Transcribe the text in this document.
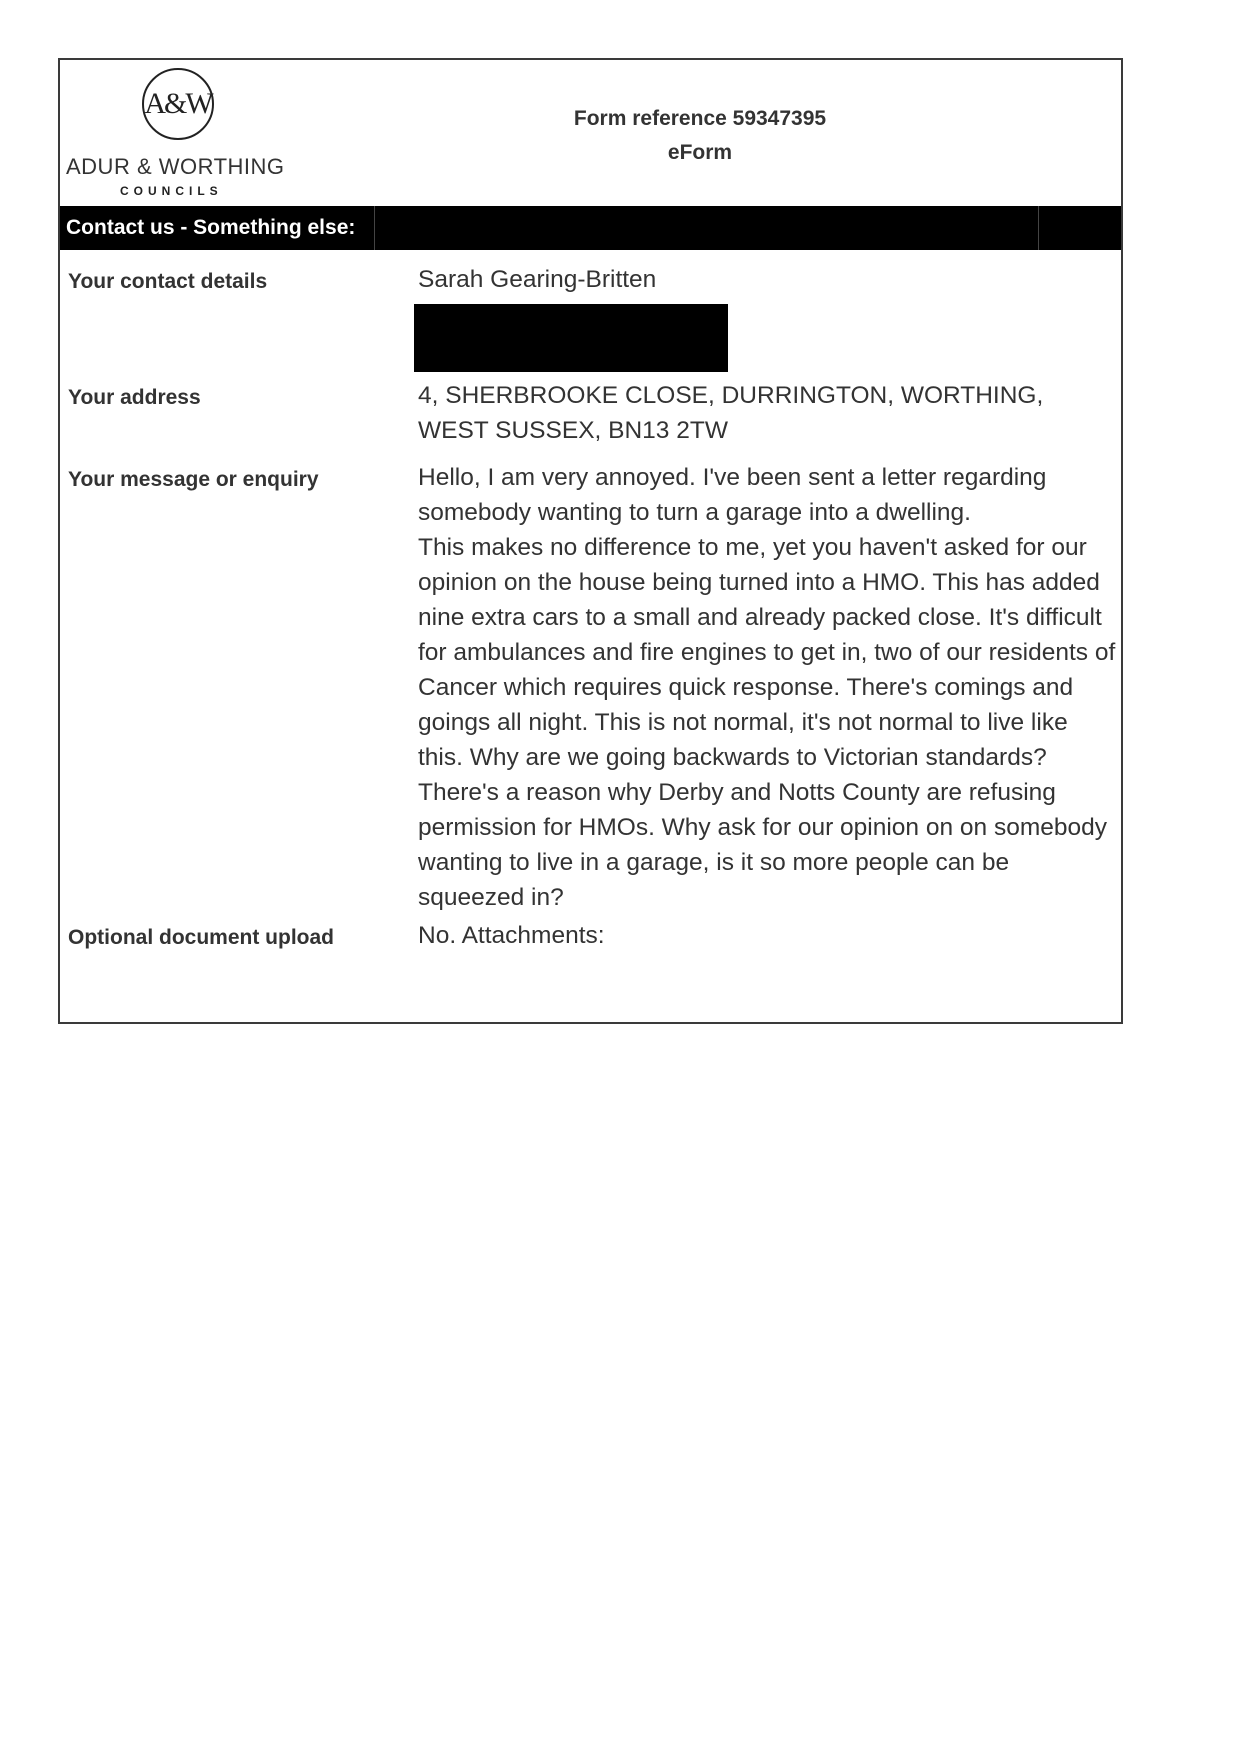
A&W
ADUR & WORTHING
COUNCILS
Form reference 59347395
eForm
Contact us - Something else:
Your contact details	Sarah Gearing-Britten
Your address	4, SHERBROOKE CLOSE, DURRINGTON, WORTHING, WEST SUSSEX, BN13 2TW
Your message or enquiry	Hello, I am very annoyed. I've been sent a letter regarding somebody wanting to turn a garage into a dwelling.

This makes no difference to me, yet you haven't asked for our opinion on the house being turned into a HMO. This has added nine extra cars to a small and already packed close. It's difficult for ambulances and fire engines to get in, two of our residents of Cancer which requires quick response. There's comings and goings all night. This is not normal, it's not normal to live like this. Why are we going backwards to Victorian standards? There's a reason why Derby and Notts County are refusing permission for HMOs. Why ask for our opinion on on somebody wanting to live in a garage, is it so more people can be squeezed in?

Optional document upload	No. Attachments:
